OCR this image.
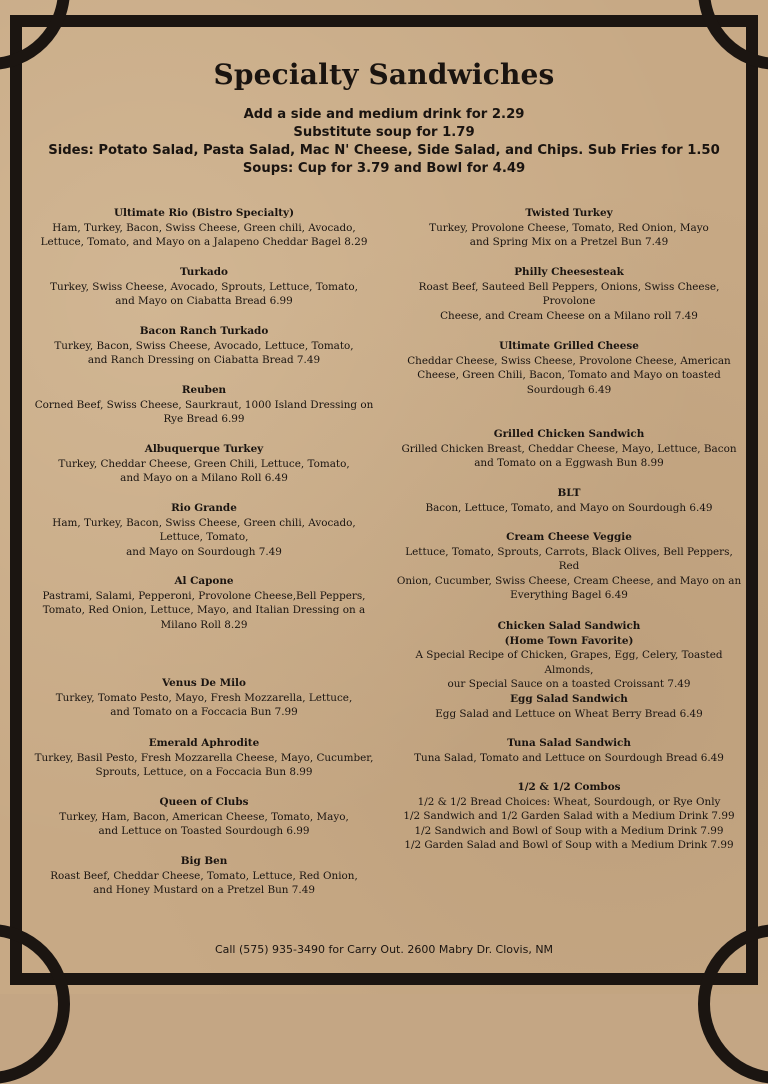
Specialty Sandwiches
Add a side and medium drink for 2.29
Substitute soup for 1.79
Sides: Potato Salad, Pasta Salad, Mac N' Cheese, Side Salad, and Chips. Sub Fries for 1.50
Soups: Cup for 3.79 and Bowl for 4.49
Ultimate Rio (Bistro Specialty)
Ham, Turkey, Bacon, Swiss Cheese, Green chili, Avocado,
Lettuce, Tomato, and Mayo on a Jalapeno Cheddar Bagel 8.29
Turkado
Turkey, Swiss Cheese, Avocado, Sprouts, Lettuce, Tomato,
and Mayo on Ciabatta Bread 6.99
Bacon Ranch Turkado
Turkey, Bacon, Swiss Cheese, Avocado, Lettuce, Tomato,
and Ranch Dressing on Ciabatta Bread 7.49
Reuben
Corned Beef, Swiss Cheese, Saurkraut, 1000 Island Dressing on
Rye Bread 6.99
Albuquerque Turkey
Turkey, Cheddar Cheese, Green Chili, Lettuce, Tomato,
and Mayo on a Milano Roll 6.49
Rio Grande
Ham, Turkey, Bacon, Swiss Cheese, Green chili, Avocado,
Lettuce, Tomato,
and Mayo on Sourdough 7.49
Al Capone
Pastrami, Salami, Pepperoni, Provolone Cheese,Bell Peppers,
Tomato, Red Onion, Lettuce, Mayo, and Italian Dressing on a
Milano Roll 8.29
Venus De Milo
Turkey, Tomato Pesto, Mayo, Fresh Mozzarella, Lettuce,
and Tomato on a Foccacia Bun 7.99
Emerald Aphrodite
Turkey, Basil Pesto, Fresh Mozzarella Cheese, Mayo, Cucumber,
Sprouts, Lettuce, on a Foccacia Bun 8.99
Queen of Clubs
Turkey, Ham, Bacon, American Cheese, Tomato, Mayo,
and Lettuce on Toasted Sourdough 6.99
Big Ben
Roast Beef, Cheddar Cheese, Tomato, Lettuce, Red Onion,
and Honey Mustard on a Pretzel Bun 7.49
Twisted Turkey
Turkey, Provolone Cheese, Tomato, Red Onion, Mayo
and Spring Mix on a Pretzel Bun 7.49
Philly Cheesesteak
Roast Beef, Sauteed Bell Peppers, Onions, Swiss Cheese, Provolone
Cheese, and Cream Cheese on a Milano roll 7.49
Ultimate Grilled Cheese
Cheddar Cheese, Swiss Cheese, Provolone Cheese, American
Cheese, Green Chili, Bacon, Tomato and Mayo on toasted
Sourdough 6.49
Grilled Chicken Sandwich
Grilled Chicken Breast, Cheddar Cheese, Mayo, Lettuce, Bacon
and Tomato on a Eggwash Bun 8.99
BLT
Bacon, Lettuce, Tomato, and Mayo on Sourdough 6.49
Cream Cheese Veggie
Lettuce, Tomato, Sprouts, Carrots, Black Olives, Bell Peppers, Red
Onion, Cucumber, Swiss Cheese, Cream Cheese, and Mayo on an
Everything Bagel 6.49
Chicken Salad Sandwich
(Home Town Favorite)
A Special Recipe of Chicken, Grapes, Egg, Celery, Toasted Almonds,
our Special Sauce on a toasted Croissant 7.49
Egg Salad Sandwich
Egg Salad and Lettuce on Wheat Berry Bread 6.49
Tuna Salad Sandwich
Tuna Salad, Tomato and Lettuce on Sourdough Bread 6.49
1/2 & 1/2 Combos
1/2 & 1/2 Bread Choices: Wheat, Sourdough, or Rye Only
1/2 Sandwich and 1/2 Garden Salad with a Medium Drink 7.99
1/2 Sandwich and Bowl of Soup with a Medium Drink 7.99
1/2 Garden Salad and Bowl of Soup with a Medium Drink 7.99
Call (575) 935-3490 for Carry Out. 2600 Mabry Dr. Clovis, NM
